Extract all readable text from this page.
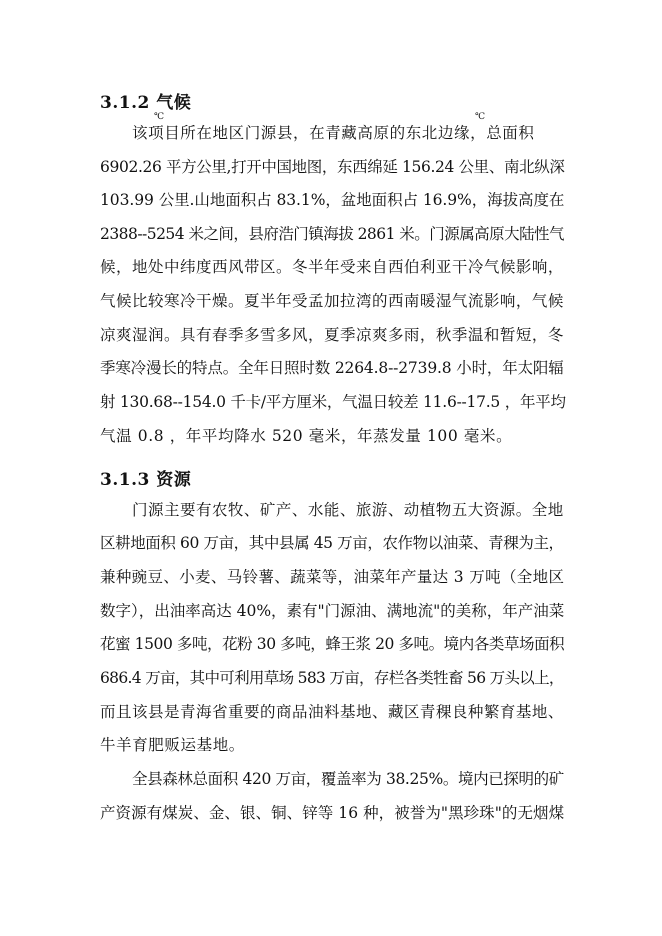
3.1.2 气候
℃	℃
该项目所在地区门源县，在青藏高原的东北边缘，总面积
6902.26 平方公里,打开中国地图，东西绵延 156.24 公里、南北纵深
103.99 公里.山地面积占 83.1%，盆地面积占 16.9%，海拔高度在
2388--5254 米之间，县府浩门镇海拔 2861 米。门源属高原大陆性气
候，地处中纬度西风带区。冬半年受来自西伯利亚干冷气候影响，
气候比较寒冷干燥。夏半年受孟加拉湾的西南暖湿气流影响，气候
凉爽湿润。具有春季多雪多风，夏季凉爽多雨，秋季温和暂短，冬
季寒冷漫长的特点。全年日照时数 2264.8--2739.8 小时，年太阳辐
射 130.68--154.0 千卡/平方厘米，气温日较差 11.6--17.5 ，年平均
气温 0.8 ，年平均降水 520 毫米，年蒸发量 100 毫米。
3.1.3 资源
门源主要有农牧、矿产、水能、旅游、动植物五大资源。全地
区耕地面积 60 万亩，其中县属 45 万亩，农作物以油菜、青稞为主，
兼种豌豆、小麦、马铃薯、蔬菜等，油菜年产量达 3 万吨（全地区
数字），出油率高达 40%，素有"门源油、满地流"的美称，年产油菜
花蜜 1500 多吨，花粉 30 多吨，蜂王浆 20 多吨。境内各类草场面积
686.4 万亩，其中可利用草场 583 万亩，存栏各类牲畜 56 万头以上，
而且该县是青海省重要的商品油料基地、藏区青稞良种繁育基地、
牛羊育肥贩运基地。
全县森林总面积 420 万亩，覆盖率为 38.25%。境内已探明的矿
产资源有煤炭、金、银、铜、锌等 16 种，被誉为"黑珍珠"的无烟煤
